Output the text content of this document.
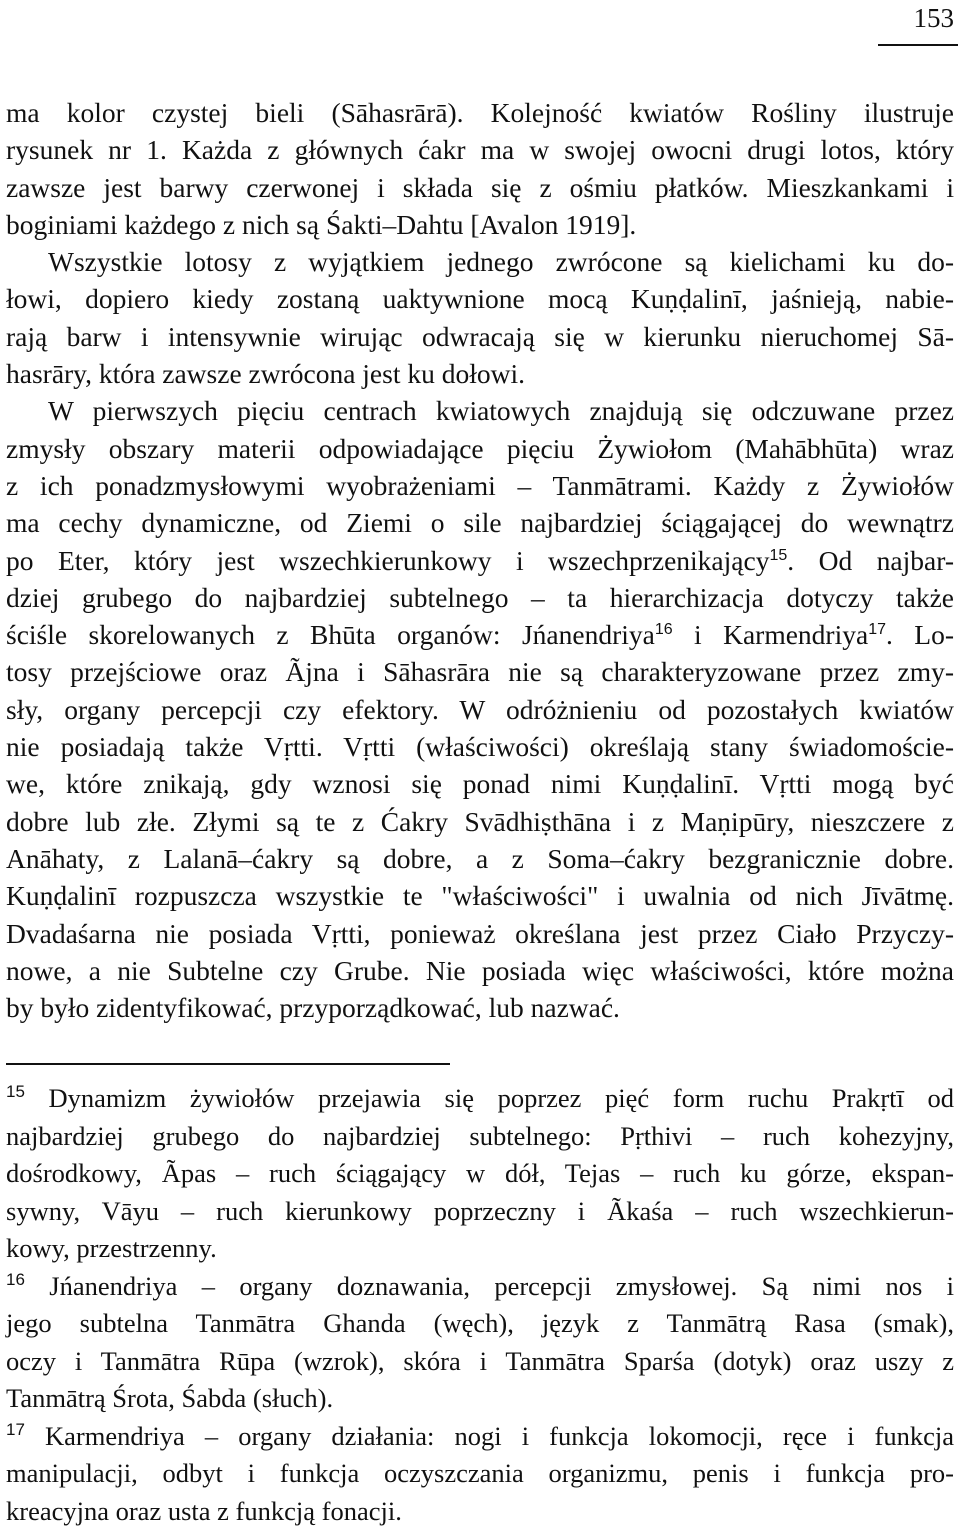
153
ma kolor czystej bieli (Sāhasrārā). Kolejność kwiatów Rośliny ilustruje
rysunek nr 1. Każda z głównych ćakr ma w swojej owocni drugi lotos, który
zawsze jest barwy czerwonej i składa się z ośmiu płatków. Mieszkankami i
boginiami każdego z nich są Śakti–Dahtu [Avalon 1919].
Wszystkie lotosy z wyjątkiem jednego zwrócone są kielichami ku do-
łowi, dopiero kiedy zostaną uaktywnione mocą Kuṇḍalinī, jaśnieją, nabie-
rają barw i intensywnie wirując odwracają się w kierunku nieruchomej Sā-
hasrāry, która zawsze zwrócona jest ku dołowi.
W pierwszych pięciu centrach kwiatowych znajdują się odczuwane przez
zmysły obszary materii odpowiadające pięciu Żywiołom (Mahābhūta) wraz
z ich ponadzmysłowymi wyobrażeniami – Tanmātrami. Każdy z Żywiołów
ma cechy dynamiczne, od Ziemi o sile najbardziej ściągającej do wewnątrz
po Eter, który jest wszechkierunkowy i wszechprzenikający$^{15}$. Od najbar-
dziej grubego do najbardziej subtelnego – ta hierarchizacja dotyczy także
ściśle skorelowanych z Bhūta organów: Jńanendriya$^{16}$ i Karmendriya$^{17}$. Lo-
tosy przejściowe oraz Ãjna i Sāhasrāra nie są charakteryzowane przez zmy-
sły, organy percepcji czy efektory. W odróżnieniu od pozostałych kwiatów
nie posiadają także Vṛtti. Vṛtti (właściwości) określają stany świadomoście-
we, które znikają, gdy wznosi się ponad nimi Kuṇḍalinī. Vṛtti mogą być
dobre lub złe. Złymi są te z Ćakry Svādhiṣthāna i z Maṇipūry, nieszczere z
Anāhaty, z Lalanā–ćakry są dobre, a z Soma–ćakry bezgranicznie dobre.
Kuṇḍalinī rozpuszcza wszystkie te "właściwości" i uwalnia od nich Jīvātmę.
Dvadaśarna nie posiada Vṛtti, ponieważ określana jest przez Ciało Przyczy-
nowe, a nie Subtelne czy Grube. Nie posiada więc właściwości, które można
by było zidentyfikować, przyporządkować, lub nazwać.
$^{15}$ Dynamizm żywiołów przejawia się poprzez pięć form ruchu Prakṛtī od
najbardziej grubego do najbardziej subtelnego: Pṛthivi – ruch kohezyjny,
dośrodkowy, Ãpas – ruch ściągający w dół, Tejas – ruch ku górze, ekspan-
sywny, Vāyu – ruch kierunkowy poprzeczny i Ãkaśa – ruch wszechkierun-
kowy, przestrzenny.
$^{16}$ Jńanendriya – organy doznawania, percepcji zmysłowej. Są nimi nos i
jego subtelna Tanmātra Ghanda (węch), język z Tanmātrą Rasa (smak),
oczy i Tanmātra Rūpa (wzrok), skóra i Tanmātra Sparśa (dotyk) oraz uszy z
Tanmātrą Śrota, Śabda (słuch).
$^{17}$ Karmendriya – organy działania: nogi i funkcja lokomocji, ręce i funkcja
manipulacji, odbyt i funkcja oczyszczania organizmu, penis i funkcja pro-
kreacyjna oraz usta z funkcją fonacji.
